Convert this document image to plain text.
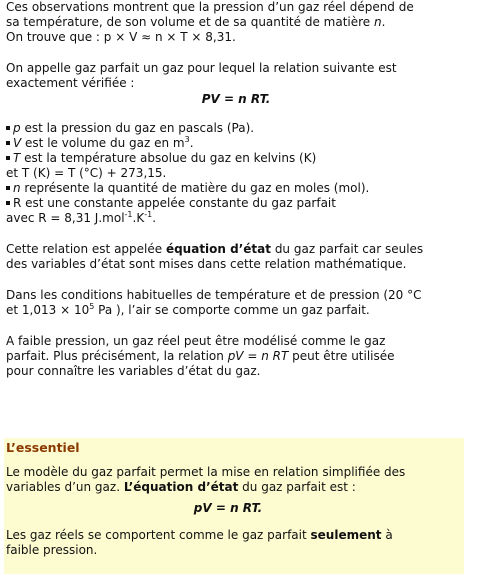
Ces observations montrent que la pression d’un gaz réel dépend de

sa température, de son volume et de sa quantité de matière n.

On trouve que : p × V ≈ n × T × 8,31.

On appelle gaz parfait un gaz pour lequel la relation suivante est

exactement vérifiée :

PV = n RT.

p est la pression du gaz en pascals (Pa).

V est le volume du gaz en $m^3$.

T est la température absolue du gaz en kelvins (K)

et T (K) = T (°C) + 273,15.

n représente la quantité de matière du gaz en moles (mol).

R est une constante appelée constante du gaz parfait

avec R = 8,31 $J.mol^{-1}.K^{-1}$.

Cette relation est appelée équation d’état du gaz parfait car seules

des variables d’état sont mises dans cette relation mathématique.

Dans les conditions habituelles de température et de pression (20 °C

et $1,013 \times 10^5$ Pa ), l’air se comporte comme un gaz parfait.

A faible pression, un gaz réel peut être modélisé comme le gaz

parfait. Plus précisément, la relation pV = n RT peut être utilisée

pour connaître les variables d’état du gaz.

L’essentiel

Le modèle du gaz parfait permet la mise en relation simplifiée des

variables d’un gaz. L’équation d’état du gaz parfait est :

pV = n RT.

Les gaz réels se comportent comme le gaz parfait seulement à

faible pression.
